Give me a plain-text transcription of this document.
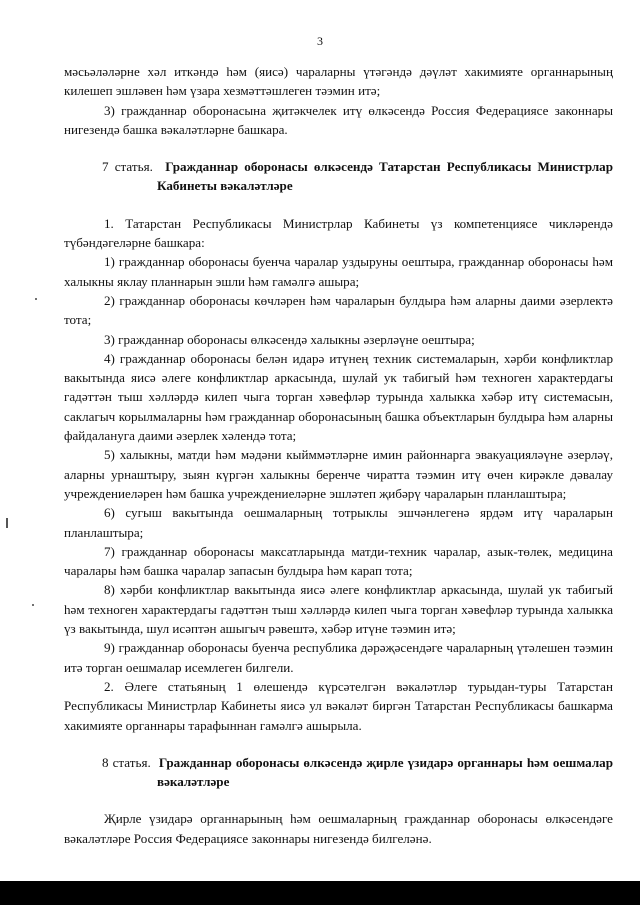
3

мәсьәләләрне хәл иткәндә һәм (яисә) чараларны үтәгәндә дәүләт хакимияте органнарының килешеп эшләвен һәм үзара хезмәттәшлеген тәэмин итә;

3) гражданнар оборонасына җитәкчелек итү өлкәсендә Россия Федерациясе законнары нигезендә башка вәкаләтләрне башкара.

7 статья. Гражданнар оборонасы өлкәсендә Татарстан Республикасы Министрлар Кабинеты вәкаләтләре

1. Татарстан Республикасы Министрлар Кабинеты үз компетенциясе чикләрендә түбәндәгеләрне башкара:

1) гражданнар оборонасы буенча чаралар уздыруны оештыра, гражданнар оборонасы һәм халыкны яклау планнарын эшли һәм гамәлгә ашыра;

2) гражданнар оборонасы көчләрен һәм чараларын булдыра һәм аларны даими әзерлектә тота;

3) гражданнар оборонасы өлкәсендә халыкны әзерләүне оештыра;

4) гражданнар оборонасы белән идарә итүнең техник системаларын, хәрби конфликтлар вакытында яисә әлеге конфликтлар аркасында, шулай ук табигый һәм техноген характердагы гадәттән тыш хәлләрдә килеп чыга торган хәвефләр турында халыкка хәбәр итү системасын, саклагыч корылмаларны һәм гражданнар оборонасының башка объектларын булдыра һәм аларны файдалануга даими әзерлек хәлендә тота;

5) халыкны, матди һәм мәдәни кыйммәтләрне имин районнарга эвакуацияләүне әзерләү, аларны урнаштыру, зыян күргән халыкны беренче чиратта тәэмин итү өчен кирәкле дәвалау учреждениеләрен һәм башка учреждениеләрне эшләтеп җибәрү чараларын планлаштыра;

6) сугыш вакытында оешмаларның тотрыклы эшчәнлегенә ярдәм итү чараларын планлаштыра;

7) гражданнар оборонасы максатларында матди-техник чаралар, азык-төлек, медицина чаралары һәм башка чаралар запасын булдыра һәм карап тота;

8) хәрби конфликтлар вакытында яисә әлеге конфликтлар аркасында, шулай ук табигый һәм техноген характердагы гадәттән тыш хәлләрдә килеп чыга торган хәвефләр турында халыкка үз вакытында, шул исәптән ашыгыч рәвештә, хәбәр итүне тәэмин итә;

9) гражданнар оборонасы буенча республика дәрәҗәсендәге чараларның үтәлешен тәэмин итә торган оешмалар исемлеген билгели.

2. Әлеге статьяның 1 өлешендә күрсәтелгән вәкаләтләр турыдан-туры Татарстан Республикасы Министрлар Кабинеты яисә ул вәкаләт биргән Татарстан Республикасы башкарма хакимияте органнары тарафыннан гамәлгә ашырыла.

8 статья. Гражданнар оборонасы өлкәсендә җирле үзидарә органнары һәм оешмалар вәкаләтләре

Җирле үзидарә органнарының һәм оешмаларның гражданнар оборонасы өлкәсендәге вәкаләтләре Россия Федерациясе законнары нигезендә билгеләнә.
